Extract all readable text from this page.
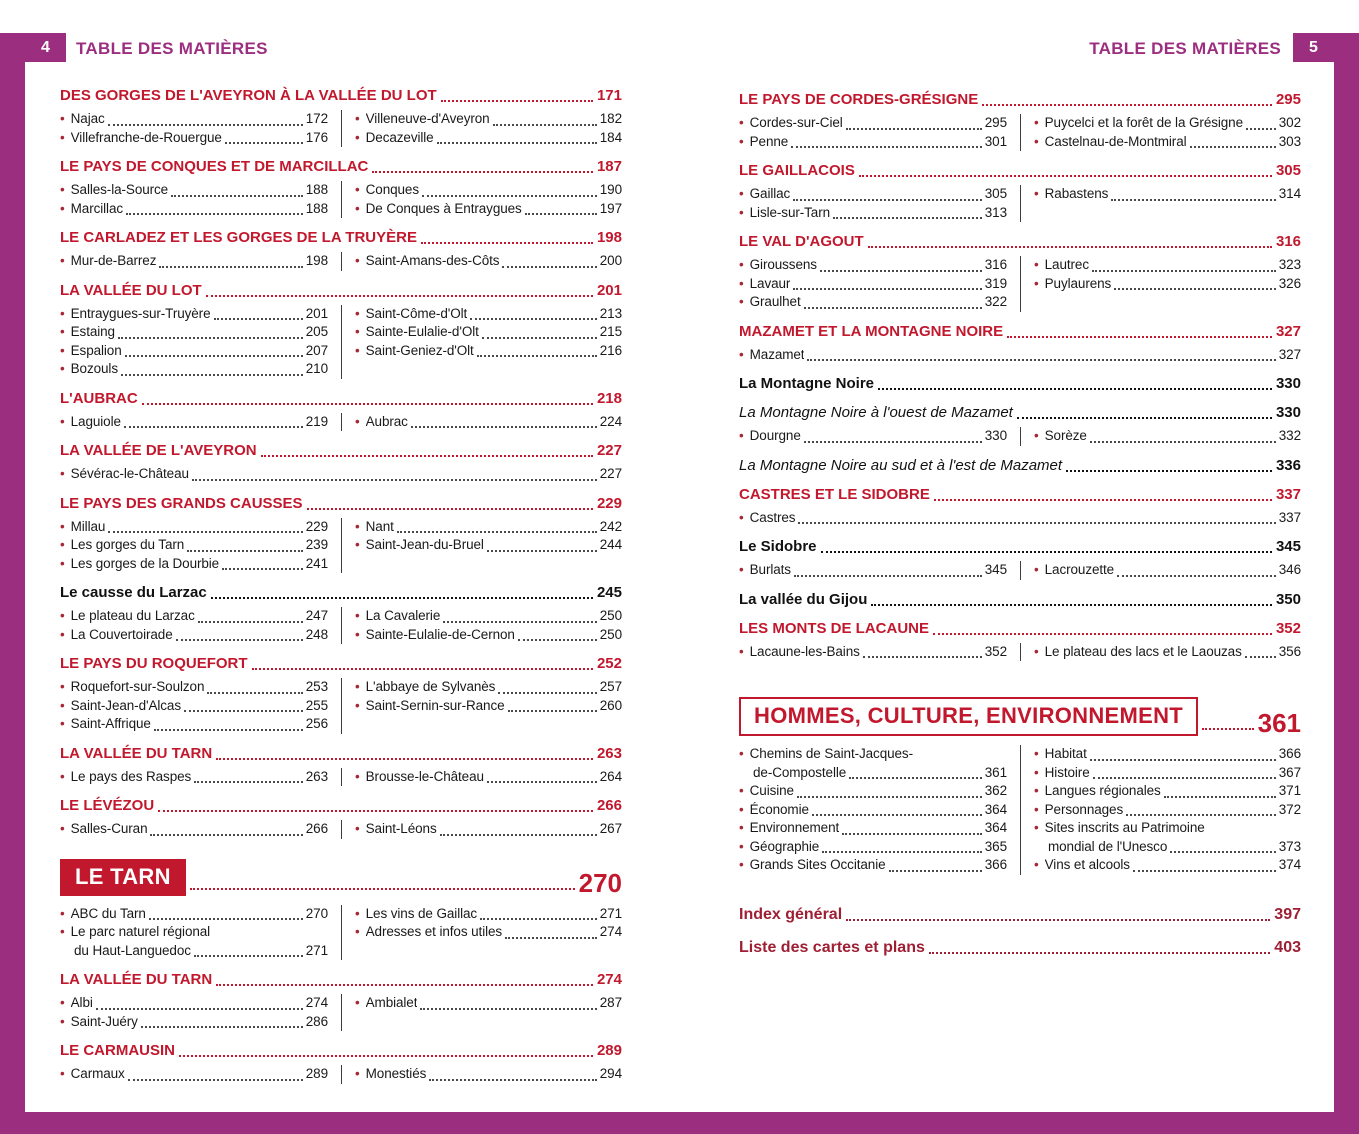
4	5
TABLE DES MATIÈRES	TABLE DES MATIÈRES
DES GORGES DE L'AVEYRON À LA VALLÉE DU LOT	171
•
Najac	172
•
Villefranche-de-Rouergue	176
•
Villeneuve-d'Aveyron	182
•
Decazeville	184
LE PAYS DE CONQUES ET DE MARCILLAC	187
•
Salles-la-Source	188
•
Marcillac	188
•
Conques	190
•
De Conques à Entraygues	197
LE CARLADEZ ET LES GORGES DE LA TRUYÈRE	198
•
Mur-de-Barrez	198 •	Saint-Amans-des-Côts	200
LA VALLÉE DU LOT	201
•
Entraygues-sur-Truyère	201
•
Estaing	205
•
Espalion	207
•
Bozouls	210
•
Saint-Côme-d'Olt	213
•
Sainte-Eulalie-d'Olt	215
•
Saint-Geniez-d'Olt	216
L'AUBRAC	218
•
Laguiole	219 •	Aubrac	224
LA VALLÉE DE L'AVEYRON	227
•
Sévérac-le-Château	227
LE PAYS DES GRANDS CAUSSES	229
•
Millau	229
•
Les gorges du Tarn	239
•
Les gorges de la Dourbie	241
•
Nant	242
•
Saint-Jean-du-Bruel	244
Le causse du Larzac	245
•
Le plateau du Larzac	247
•
La Couvertoirade	248
•
La Cavalerie	250
•
Sainte-Eulalie-de-Cernon	250
LE PAYS DU ROQUEFORT	252
•
Roquefort-sur-Soulzon	253
•
Saint-Jean-d'Alcas	255
•
Saint-Affrique	256
•
L'abbaye de Sylvanès	257
•
Saint-Sernin-sur-Rance	260
LA VALLÉE DU TARN	263
•
Le pays des Raspes	263 •	Brousse-le-Château	264
LE LÉVÉZOU	266
•
Salles-Curan	266 •	Saint-Léons	267
LE TARN	270
•
ABC du Tarn	270
•
Le parc naturel régional
du Haut-Languedoc	271
•
Les vins de Gaillac	271
•
Adresses et infos utiles	274
LA VALLÉE DU TARN	274
•
Albi	274
•
Saint-Juéry	286
•
Ambialet	287
LE CARMAUSIN	289
•
Carmaux	289 •	Monestiés	294
LE PAYS DE CORDES-GRÉSIGNE	295
•
Cordes-sur-Ciel	295
•
Penne	301
•
Puycelci et la forêt de la Grésigne	302
•
Castelnau-de-Montmiral	303
LE GAILLACOIS	305
•
Gaillac	305
•
Lisle-sur-Tarn	313
•
Rabastens	314
LE VAL D'AGOUT	316
•
Giroussens	316
•
Lavaur	319
•
Graulhet	322
•
Lautrec	323
•
Puylaurens	326
MAZAMET ET LA MONTAGNE NOIRE	327
•
Mazamet	327
La Montagne Noire	330
La Montagne Noire à l'ouest de Mazamet	330
•
Dourgne	330 •	Sorèze	332
La Montagne Noire au sud et à l'est de Mazamet	336
CASTRES ET LE SIDOBRE	337
•
Castres	337
Le Sidobre	345
•
Burlats	345 •	Lacrouzette	346
La vallée du Gijou	350
LES MONTS DE LACAUNE	352
•
Lacaune-les-Bains	352 •	Le plateau des lacs et le Laouzas	356
HOMMES, CULTURE, ENVIRONNEMENT	361
•
Chemins de Saint-Jacques-
de-Compostelle	361
•
Cuisine	362
•
Économie	364
•
Environnement	364
•
Géographie	365
•
Grands Sites Occitanie	366
•
Habitat	366
•
Histoire	367
•
Langues régionales	371
•
Personnages	372
•
Sites inscrits au Patrimoine
mondial de l'Unesco	373
•
Vins et alcools	374
Index général	397
Liste des cartes et plans	403
